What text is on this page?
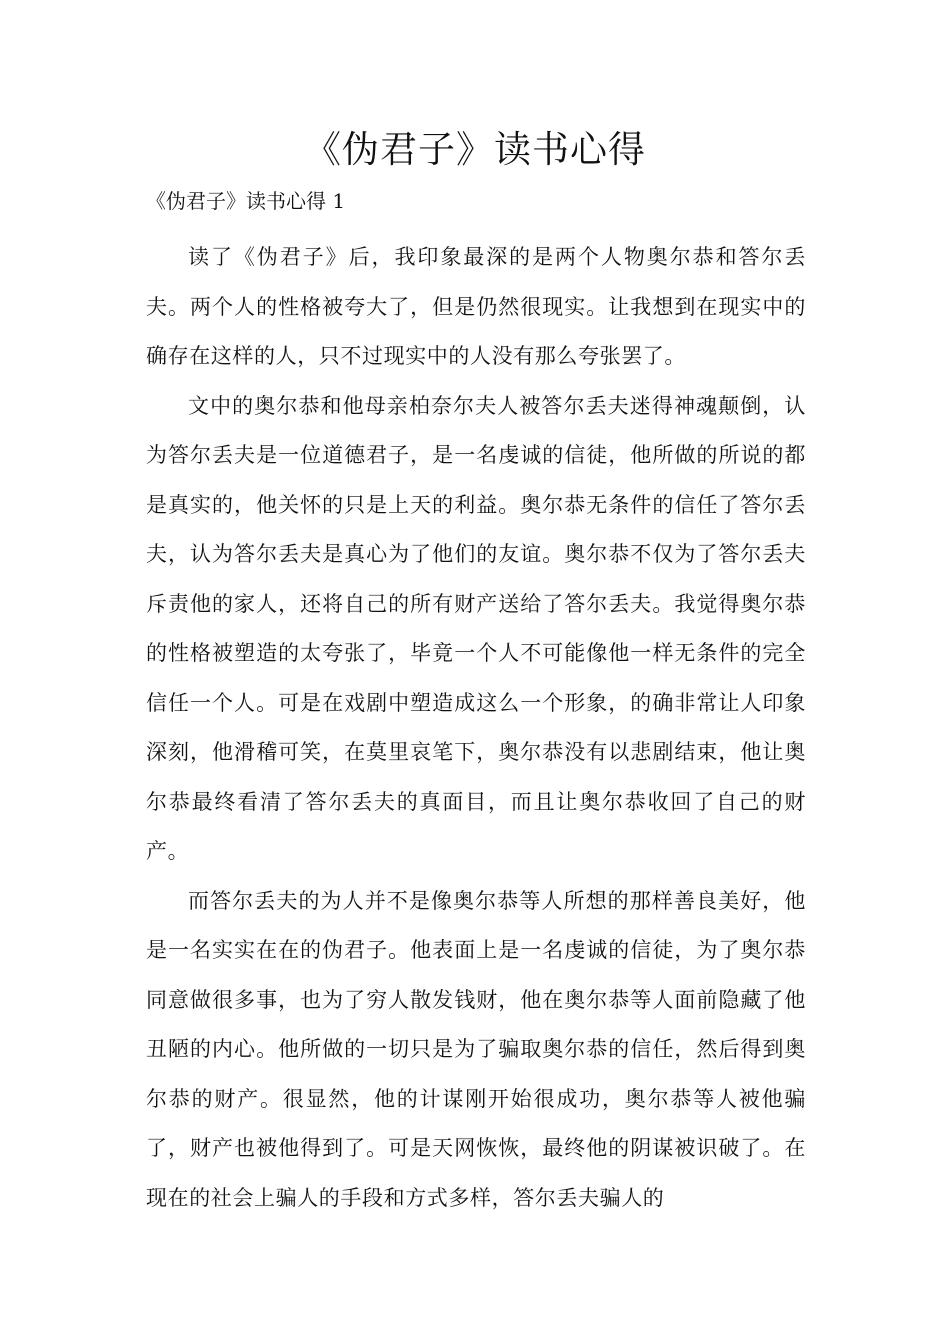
《伪君子》读书心得

《伪君子》读书心得 1

读了《伪君子》后，我印象最深的是两个人物奥尔恭和答尔丢夫。两个人的性格被夸大了，但是仍然很现实。让我想到在现实中的确存在这样的人，只不过现实中的人没有那么夸张罢了。

文中的奥尔恭和他母亲柏奈尔夫人被答尔丢夫迷得神魂颠倒，认为答尔丢夫是一位道德君子，是一名虔诚的信徒，他所做的所说的都是真实的，他关怀的只是上天的利益。奥尔恭无条件的信任了答尔丢夫，认为答尔丢夫是真心为了他们的友谊。奥尔恭不仅为了答尔丢夫斥责他的家人，还将自己的所有财产送给了答尔丢夫。我觉得奥尔恭的性格被塑造的太夸张了，毕竟一个人不可能像他一样无条件的完全信任一个人。可是在戏剧中塑造成这么一个形象，的确非常让人印象深刻，他滑稽可笑，在莫里哀笔下，奥尔恭没有以悲剧结束，他让奥尔恭最终看清了答尔丢夫的真面目，而且让奥尔恭收回了自己的财产。

而答尔丢夫的为人并不是像奥尔恭等人所想的那样善良美好，他是一名实实在在的伪君子。他表面上是一名虔诚的信徒，为了奥尔恭同意做很多事，也为了穷人散发钱财，他在奥尔恭等人面前隐藏了他丑陋的内心。他所做的一切只是为了骗取奥尔恭的信任，然后得到奥尔恭的财产。很显然，他的计谋刚开始很成功，奥尔恭等人被他骗了，财产也被他得到了。可是天网恢恢，最终他的阴谋被识破了。在现在的社会上骗人的手段和方式多样，答尔丢夫骗人的
